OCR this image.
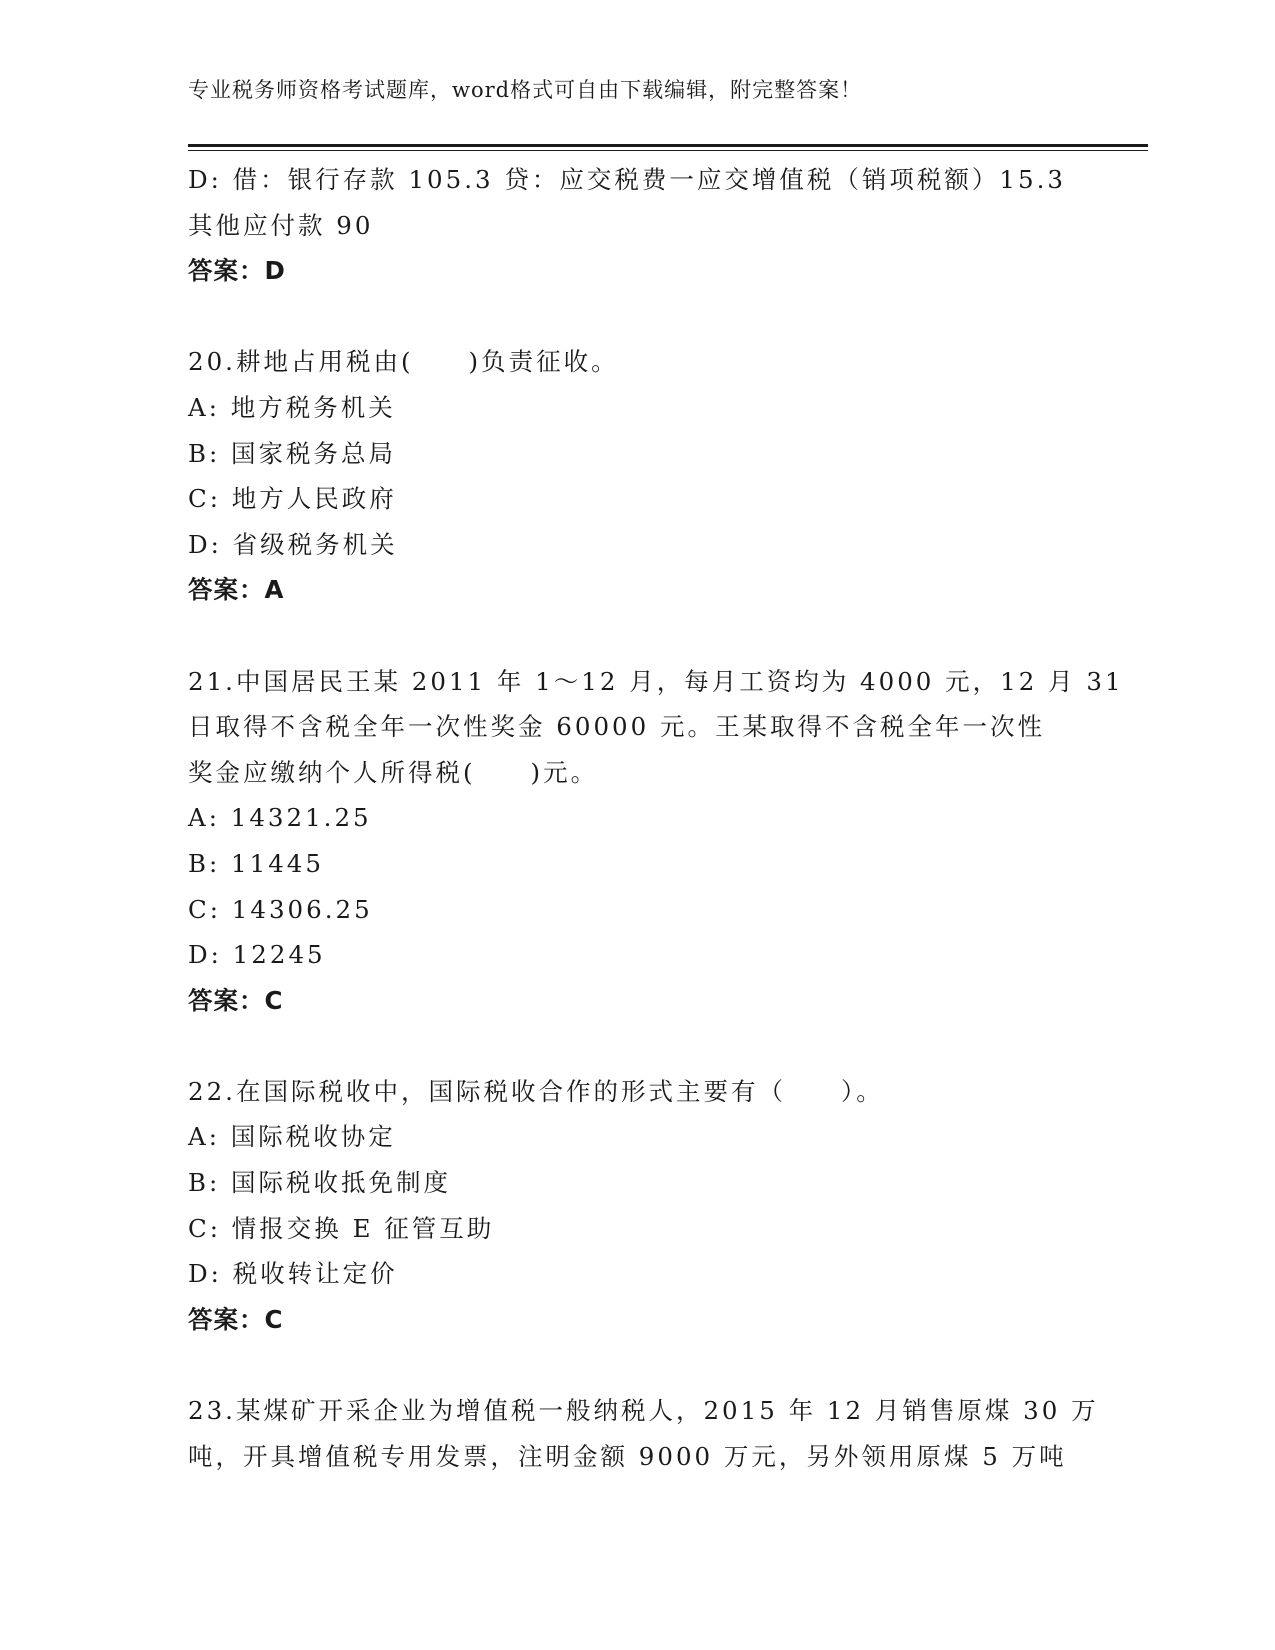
专业税务师资格考试题库，word格式可自由下载编辑，附完整答案！
D: 借：银行存款 105.3 贷：应交税费一应交增值税（销项税额）15.3
其他应付款 90
答案：D
20.耕地占用税由(　　)负责征收。
A: 地方税务机关
B: 国家税务总局
C: 地方人民政府
D: 省级税务机关
答案：A
21.中国居民王某 2011 年 1～12 月，每月工资均为 4000 元，12 月 31
日取得不含税全年一次性奖金 60000 元。王某取得不含税全年一次性
奖金应缴纳个人所得税(　　)元。
A: 14321.25
B: 11445
C: 14306.25
D: 12245
答案：C
22.在国际税收中，国际税收合作的形式主要有（　　）。
A: 国际税收协定
B: 国际税收抵免制度
C: 情报交换 E 征管互助
D: 税收转让定价
答案：C
23.某煤矿开采企业为增值税一般纳税人，2015 年 12 月销售原煤 30 万
吨，开具增值税专用发票，注明金额 9000 万元，另外领用原煤 5 万吨
